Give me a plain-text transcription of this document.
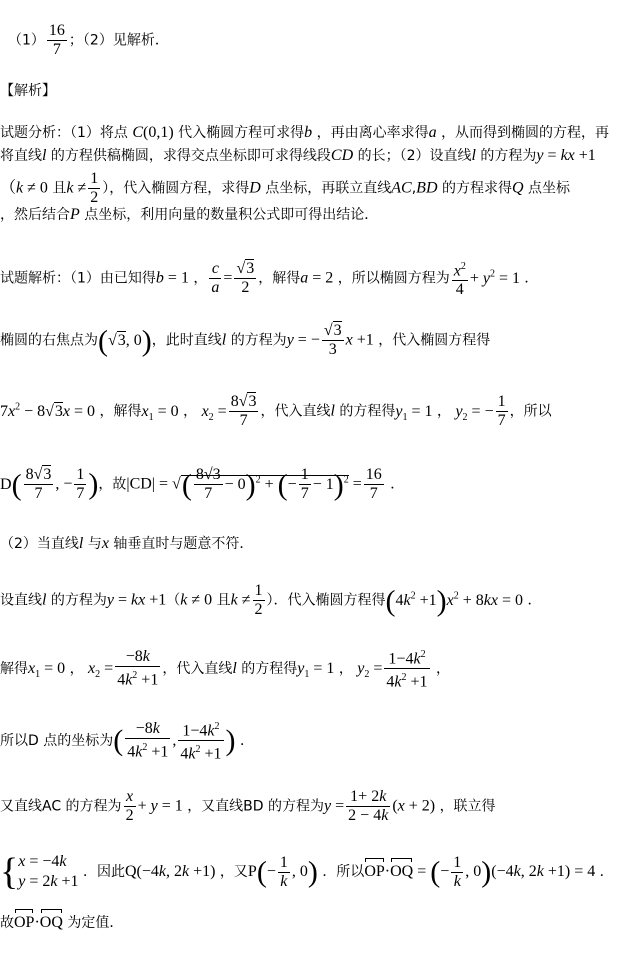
$(1) \frac{16}{7}$ ；（2）见解析．
【解析】
试题分析：（1）将点 C(0,1) 代入椭圆方程可求得b ，再由离心率求得a ，从而得到椭圆的方程，再
将直线l 的方程供稿椭圆，求得交点坐标即可求得线段CD 的长；（2）设直线l 的方程为y = kx +1
（k ≠ 0 且$k \ne \frac{1}{2}$ ），代入椭圆方程，求得D 点坐标，再联立直线AC,BD 的方程求得Q 点坐标
，然后结合P 点坐标，利用向量的数量积公式即可得出结论．
试题解析：（1）由已知得b = 1 ， $\frac{c}{a} = \frac{√3}{2}$ ，解得a = 2 ，所以椭圆方程为 $\frac{x^2}{4} + y^2 = 1$ ．
椭圆的右焦点为(√3, 0)，此时直线l 的方程为y = − $\frac{√3}{3}$ x +1 ，代入椭圆方程得
$7x^2 - 8√3x = 0$ ，解得$x_1 = 0$ ， $x_2 = \frac{8√3}{7}$ ，代入直线l 的方程得$y_1 = 1$ ， $y_2$ = − $\frac{1}{7}$ ，所以
$D( \frac{8√3}{7}$ , − $\frac{1}{7}$ )，故|CD| = √( $\frac{8√3}{7} - 0)^2$ + (− $\frac{1}{7} - 1)^2 = \frac{16}{7}$ ．
（2）当直线l 与x 轴垂直时与题意不符．
设直线l 的方程为y = kx +1（k ≠ 0 且$k \ne \frac{1}{2}$ ）．代入椭圆方程得$(4k^2 +1)x^2 + 8kx = 0$ ．
解得$x_1 = 0$ ， $x_2 = \frac{-8k}{4k^2 +1}$ ，代入直线l 的方程得$y_1 = 1$ ， $y_2 = \frac{1-4k^2}{4k^2 +1}$ ，
所以D 点的坐标为( $\frac{-8k}{4k^2 +1}$ , $\frac{1-4k^2}{4k^2 +1}$ ) ．
又直线AC 的方程为 $\frac{x}{2} + y = 1$ ，又直线BD 的方程为$y = \frac{1+ 2k}{2 - 4k} (x + 2)$ ，联立得
{ x = −4k
y = 2k +1
．因此Q(−4k, 2k +1) ，又$P(- \frac{1}{k}$ , 0) ．所以OP·OQ = (− $\frac{1}{k}$ , 0)(−4k, 2k +1) = 4 ．
故OP·OQ 为定值．
